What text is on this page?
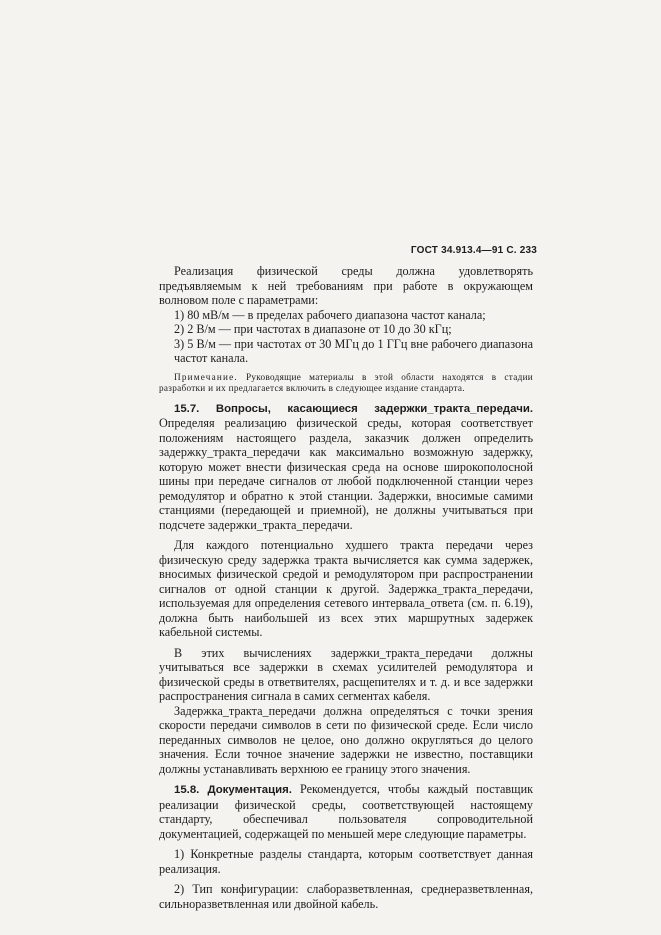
ГОСТ 34.913.4—91 С. 233

Реализация физической среды должна удовлетворять предъявляемым к ней требованиям при работе в окружающем волновом поле с параметрами:

1) 80 мВ/м — в пределах рабочего диапазона частот канала;

2) 2 В/м — при частотах в диапазоне от 10 до 30 кГц;

3) 5 В/м — при частотах от 30 МГц до 1 ГГц вне рабочего диапазона частот канала.

Примечание. Руководящие материалы в этой области находятся в стадии разработки и их предлагается включить в следующее издание стандарта.

15.7. Вопросы, касающиеся задержки_тракта_передачи. Определяя реализацию физической среды, которая соответствует положениям настоящего раздела, заказчик должен определить задержку_тракта_передачи как максимально возможную задержку, которую может внести физическая среда на основе широкополосной шины при передаче сигналов от любой подключенной станции через ремодулятор и обратно к этой станции. Задержки, вносимые самими станциями (передающей и приемной), не должны учитываться при подсчете задержки_тракта_передачи.

Для каждого потенциально худшего тракта передачи через физическую среду задержка тракта вычисляется как сумма задержек, вносимых физической средой и ремодулятором при распространении сигналов от одной станции к другой. Задержка_тракта_передачи, используемая для определения сетевого интервала_ответа (см. п. 6.19), должна быть наибольшей из всех этих маршрутных задержек кабельной системы.

В этих вычислениях задержки_тракта_передачи должны учитываться все задержки в схемах усилителей ремодулятора и физической среды в ответвителях, расщепителях и т. д. и все задержки распространения сигнала в самих сегментах кабеля.

Задержка_тракта_передачи должна определяться с точки зрения скорости передачи символов в сети по физической среде. Если число переданных символов не целое, оно должно округляться до целого значения. Если точное значение задержки не известно, поставщики должны устанавливать верхнюю ее границу этого значения.

15.8. Документация. Рекомендуется, чтобы каждый поставщик реализации физической среды, соответствующей настоящему стандарту, обеспечивал пользователя сопроводительной документацией, содержащей по меньшей мере следующие параметры.

1) Конкретные разделы стандарта, которым соответствует данная реализация.

2) Тип конфигурации: слаборазветвленная, среднеразветвленная, сильноразветвленная или двойной кабель.
